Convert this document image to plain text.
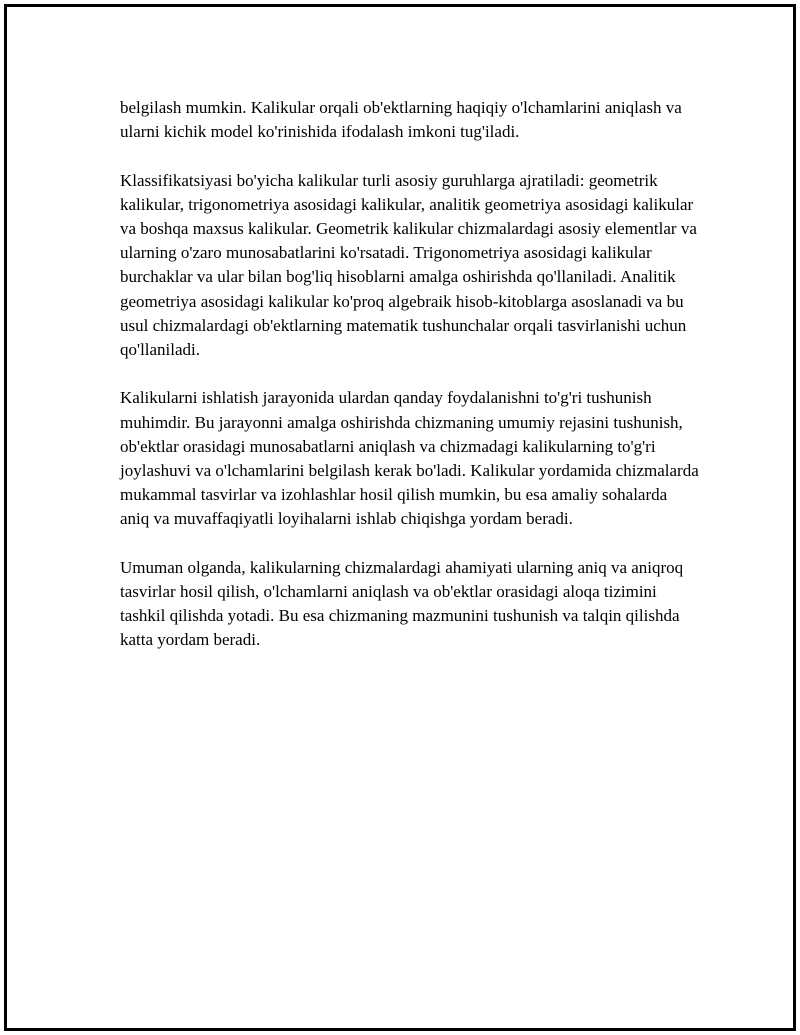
belgilash mumkin. Kalikular orqali ob'ektlarning haqiqiy o'lchamlarini aniqlash va ularni kichik model ko'rinishida ifodalash imkoni tug'iladi.

Klassifikatsiyasi bo'yicha kalikular turli asosiy guruhlarga ajratiladi: geometrik kalikular, trigonometriya asosidagi kalikular, analitik geometriya asosidagi kalikular va boshqa maxsus kalikular. Geometrik kalikular chizmalardagi asosiy elementlar va ularning o'zaro munosabatlarini ko'rsatadi. Trigonometriya asosidagi kalikular burchaklar va ular bilan bog'liq hisoblarni amalga oshirishda qo'llaniladi. Analitik geometriya asosidagi kalikular ko'proq algebraik hisob-kitoblarga asoslanadi va bu usul chizmalardagi ob'ektlarning matematik tushunchalar orqali tasvirlanishi uchun qo'llaniladi.

Kalikularni ishlatish jarayonida ulardan qanday foydalanishni to'g'ri tushunish muhimdir. Bu jarayonni amalga oshirishda chizmaning umumiy rejasini tushunish, ob'ektlar orasidagi munosabatlarni aniqlash va chizmadagi kalikularning to'g'ri joylashuvi va o'lchamlarini belgilash kerak bo'ladi. Kalikular yordamida chizmalarda mukammal tasvirlar va izohlashlar hosil qilish mumkin, bu esa amaliy sohalarda aniq va muvaffaqiyatli loyihalarni ishlab chiqishga yordam beradi.

Umuman olganda, kalikularning chizmalardagi ahamiyati ularning aniq va aniqroq tasvirlar hosil qilish, o'lchamlarni aniqlash va ob'ektlar orasidagi aloqa tizimini tashkil qilishda yotadi. Bu esa chizmaning mazmunini tushunish va talqin qilishda katta yordam beradi.
